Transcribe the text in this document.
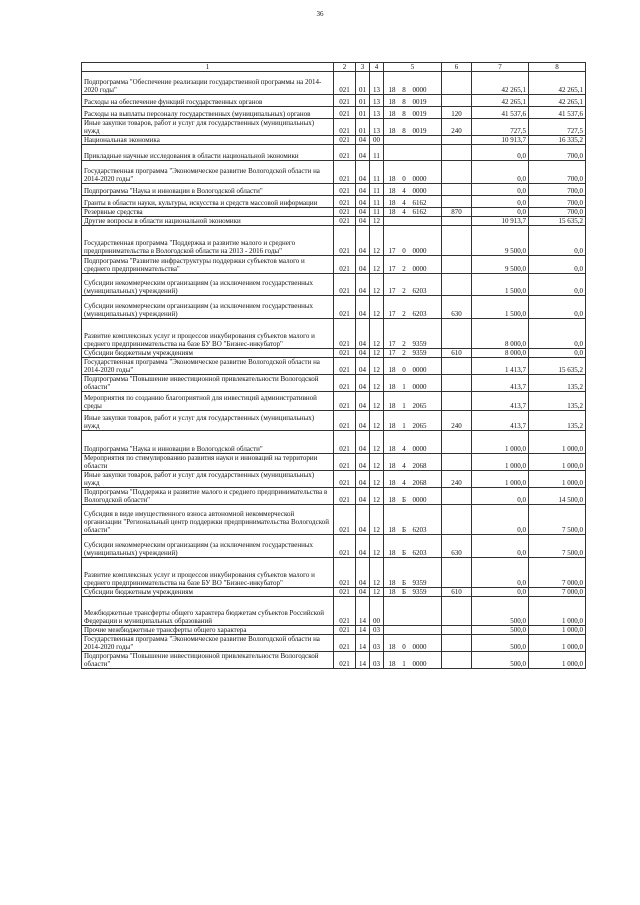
36
1	2	3	4	5			6	7	8
Подпрограмма "Обеспечение реализации государственной программы на 2014-2020 годы"	021	01	13	18	8	0000		42 265,1	42 265,1
Расходы на обеспечение функций государственных органов	021	01	13	18	8	0019		42 265,1	42 265,1
Расходы на выплаты персоналу государственных (муниципальных) органов	021	01	13	18	8	0019	120	41 537,6	41 537,6
Иные закупки товаров, работ и услуг для государственных (муниципальных) нужд	021	01	13	18	8	0019	240	727,5	727,5
Национальная экономика	021	04	00					10 913,7	16 335,2
Прикладные научные исследования в области национальной экономики	021	04	11					0,0	700,0
Государственная программа "Экономическое развитие Вологодской области на 2014-2020 годы"	021	04	11	18	0	0000		0,0	700,0
Подпрограмма "Наука и инновации в Вологодской области"	021	04	11	18	4	0000		0,0	700,0
Гранты в области науки, культуры, искусства и средств массовой информации	021	04	11	18	4	6162		0,0	700,0
Резервные средства	021	04	11	18	4	6162	870	0,0	700,0
Другие вопросы в области национальной экономики	021	04	12					10 913,7	15 635,2
Государственная программа "Поддержка и развитие малого и среднего предпринимательства в Вологодской области на 2013 - 2016 годы"	021	04	12	17	0	0000		9 500,0	0,0
Подпрограмма "Развитие инфраструктуры поддержки субъектов малого и среднего предпринимательства"	021	04	12	17	2	0000		9 500,0	0,0
Субсидии некоммерческим организациям (за исключением государственных (муниципальных) учреждений)	021	04	12	17	2	6203		1 500,0	0,0
Субсидии некоммерческим организациям (за исключением государственных (муниципальных) учреждений)	021	04	12	17	2	6203	630	1 500,0	0,0
Развитие комплексных услуг и процессов инкубирования субъектов малого и среднего предпринимательства на базе БУ ВО "Бизнес-инкубатор"	021	04	12	17	2	9359		8 000,0	0,0
Субсидии бюджетным учреждениям	021	04	12	17	2	9359	610	8 000,0	0,0
Государственная программа "Экономическое развитие Вологодской области на 2014-2020 годы"	021	04	12	18	0	0000		1 413,7	15 635,2
Подпрограмма "Повышение инвестиционной привлекательности Вологодской области"	021	04	12	18	1	0000		413,7	135,2
Мероприятия по созданию благоприятной для инвестиций административной среды	021	04	12	18	1	2065		413,7	135,2
Иные закупки товаров, работ и услуг для государственных (муниципальных) нужд	021	04	12	18	1	2065	240	413,7	135,2
Подпрограмма "Наука и инновации в Вологодской области"	021	04	12	18	4	0000		1 000,0	1 000,0
Мероприятия по стимулированию развития науки и инноваций на территории области	021	04	12	18	4	2068		1 000,0	1 000,0
Иные закупки товаров, работ и услуг для государственных (муниципальных) нужд	021	04	12	18	4	2068	240	1 000,0	1 000,0
Подпрограмма "Поддержка и развитие малого и среднего предпринимательства в Вологодской области"	021	04	12	18	Б	0000		0,0	14 500,0
Субсидия в виде имущественного взноса автономной некоммерческой организации "Региональный центр поддержки предпринимательства Вологодской области"	021	04	12	18	Б	6203		0,0	7 500,0
Субсидии некоммерческим организациям (за исключением государственных (муниципальных) учреждений)	021	04	12	18	Б	6203	630	0,0	7 500,0
Развитие комплексных услуг и процессов инкубирования субъектов малого и среднего предпринимательства на базе БУ ВО "Бизнес-инкубатор"	021	04	12	18	Б	9359		0,0	7 000,0
Субсидии бюджетным учреждениям	021	04	12	18	Б	9359	610	0,0	7 000,0
Межбюджетные трансферты общего характера бюджетам субъектов Российской Федерации и муниципальных образований	021	14	00					500,0	1 000,0
Прочие межбюджетные трансферты общего характера	021	14	03					500,0	1 000,0
Государственная программа "Экономическое развитие Вологодской области на 2014-2020 годы"	021	14	03	18	0	0000		500,0	1 000,0
Подпрограмма "Повышение инвестиционной привлекательности Вологодской области"	021	14	03	18	1	0000		500,0	1 000,0
